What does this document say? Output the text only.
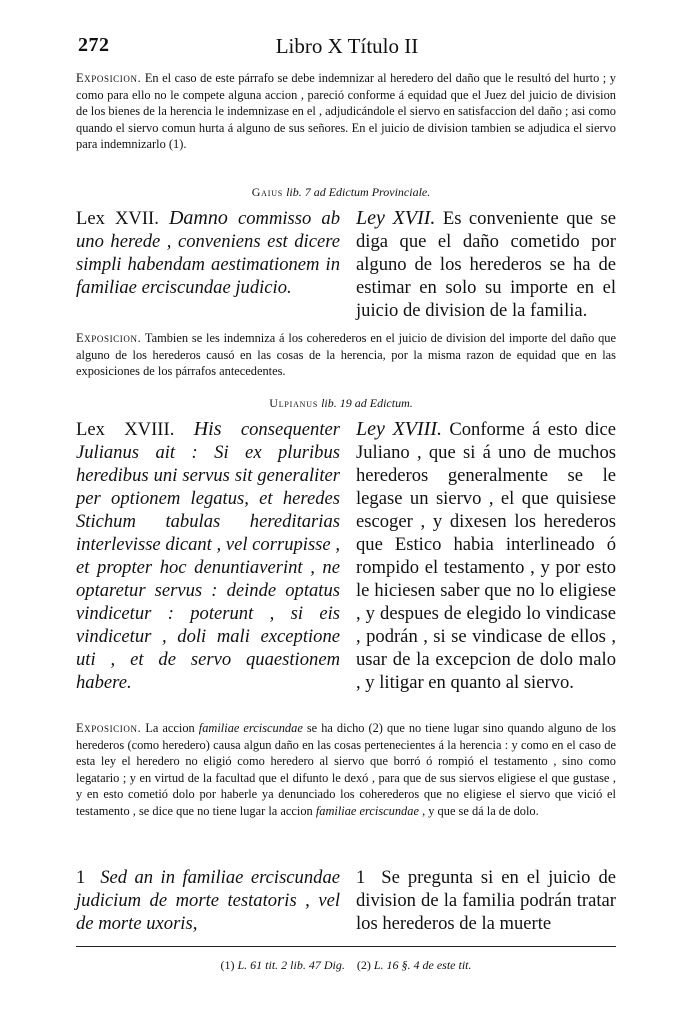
272	Libro X Título II
Exposicion. En el caso de este párrafo se debe indemnizar al heredero del daño que le resultó del hurto ; y como para ello no le compete alguna accion , pareció conforme á equidad que el Juez del juicio de division de los bienes de la herencia le indemnizase en el , adjudicándole el siervo en satisfaccion del daño ; asi como quando el siervo comun hurta á alguno de sus señores. En el juicio de division tambien se adjudica el siervo para indemnizarlo (1).
Gaius lib. 7 ad Edictum Provinciale.
Lex XVII. Damno commisso ab uno herede , conveniens est dicere simpli habendam aestimationem in familiae erciscundae judicio.
Ley XVII. Es conveniente que se diga que el daño cometido por alguno de los herederos se ha de estimar en solo su importe en el juicio de division de la familia.
Exposicion. Tambien se les indemniza á los coherederos en el juicio de division del importe del daño que alguno de los herederos causó en las cosas de la herencia, por la misma razon de equidad que en las exposiciones de los párrafos antecedentes.
Ulpianus lib. 19 ad Edictum.
Lex XVIII. His consequenter Julianus ait : Si ex pluribus heredibus uni servus sit generaliter per optionem legatus, et heredes Stichum tabulas hereditarias interlevisse dicant , vel corrupisse , et propter hoc denuntiaverint , ne optaretur servus : deinde optatus vindicetur : poterunt , si eis vindicetur , doli mali exceptione uti , et de servo quaestionem habere.
Ley XVIII. Conforme á esto dice Juliano , que si á uno de muchos herederos generalmente se le legase un siervo , el que quisiese escoger , y dixesen los herederos que Estico habia interlineado ó rompido el testamento , y por esto le hiciesen saber que no lo eligiese , y despues de elegido lo vindicase , podrán , si se vindicase de ellos , usar de la excepcion de dolo malo , y litigar en quanto al siervo.
Exposicion. La accion familiae erciscundae se ha dicho (2) que no tiene lugar sino quando alguno de los herederos (como heredero) causa algun daño en las cosas pertenecientes á la herencia : y como en el caso de esta ley el heredero no eligió como heredero al siervo que borró ó rompió el testamento , sino como legatario ; y en virtud de la facultad que el difunto le dexó , para que de sus siervos eligiese el que gustase , y en esto cometió dolo por haberle ya denunciado los coherederos que no eligiese el siervo que vició el testamento , se dice que no tiene lugar la accion familiae erciscundae , y que se dá la de dolo.
1 Sed an in familiae erciscundae judicium de morte testatoris , vel de morte uxoris,
1 Se pregunta si en el juicio de division de la familia podrán tratar los herederos de la muerte
(1) L. 61 tit. 2 lib. 47 Dig. (2) L. 16 §. 4 de este tit.
